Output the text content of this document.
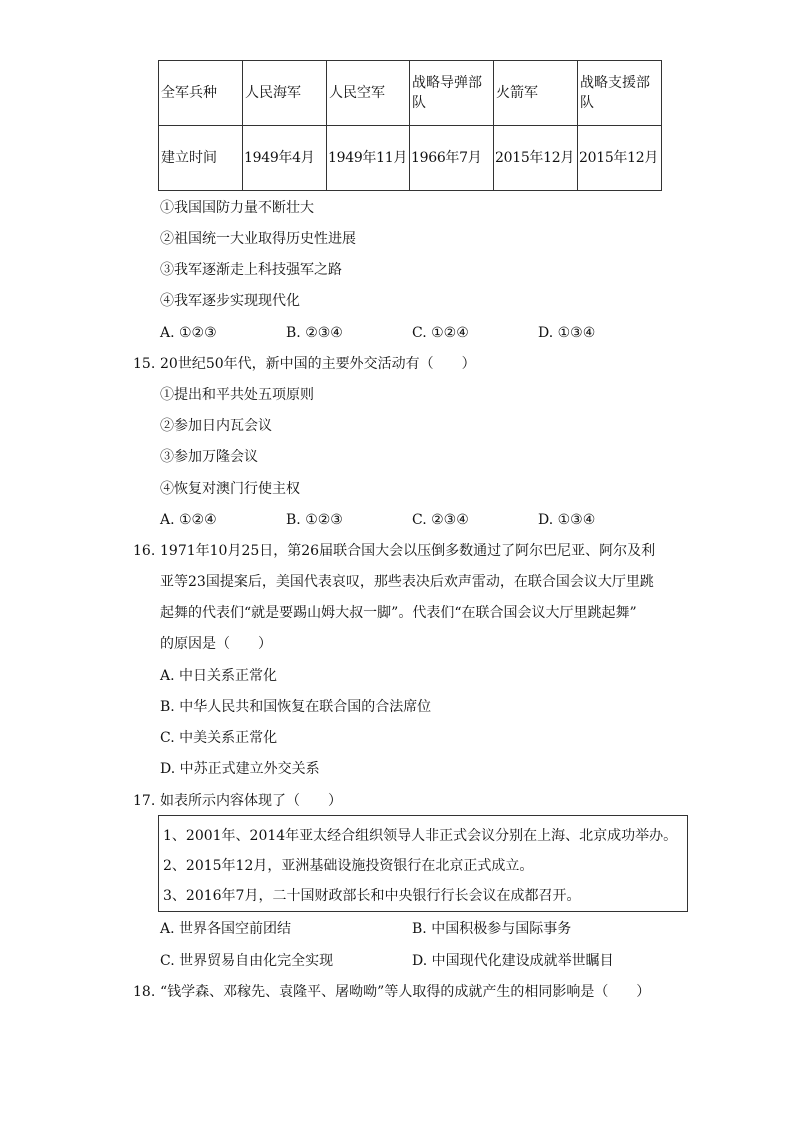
全军兵种	人民海军	人民空军	战略导弹部队	火箭军	战略支援部队
建立时间	1949年4月	1949年11月	1966年7月	2015年12月	2015年12月
①我国国防力量不断壮大
②祖国统一大业取得历史性进展
③我军逐渐走上科技强军之路
④我军逐步实现现代化
A. ①②③	B. ②③④	C. ①②④	D. ①③④
15. 20世纪50年代，新中国的主要外交活动有（　　）
①提出和平共处五项原则
②参加日内瓦会议
③参加万隆会议
④恢复对澳门行使主权
A. ①②④	B. ①②③	C. ②③④	D. ①③④
16. 1971年10月25日，第26届联合国大会以压倒多数通过了阿尔巴尼亚、阿尔及利
亚等23国提案后，美国代表哀叹，那些表决后欢声雷动，在联合国会议大厅里跳
起舞的代表们“就是要踢山姆大叔一脚”。代表们“在联合国会议大厅里跳起舞”
的原因是（　　）
A. 中日关系正常化
B. 中华人民共和国恢复在联合国的合法席位
C. 中美关系正常化
D. 中苏正式建立外交关系
17. 如表所示内容体现了（　　）
1、2001年、2014年亚太经合组织领导人非正式会议分别在上海、北京成功举办。
2、2015年12月，亚洲基础设施投资银行在北京正式成立。
3、2016年7月，二十国财政部长和中央银行行长会议在成都召开。
A. 世界各国空前团结	B. 中国积极参与国际事务
C. 世界贸易自由化完全实现	D. 中国现代化建设成就举世瞩目
18. “钱学森、邓稼先、袁隆平、屠呦呦”等人取得的成就产生的相同影响是（　　）
